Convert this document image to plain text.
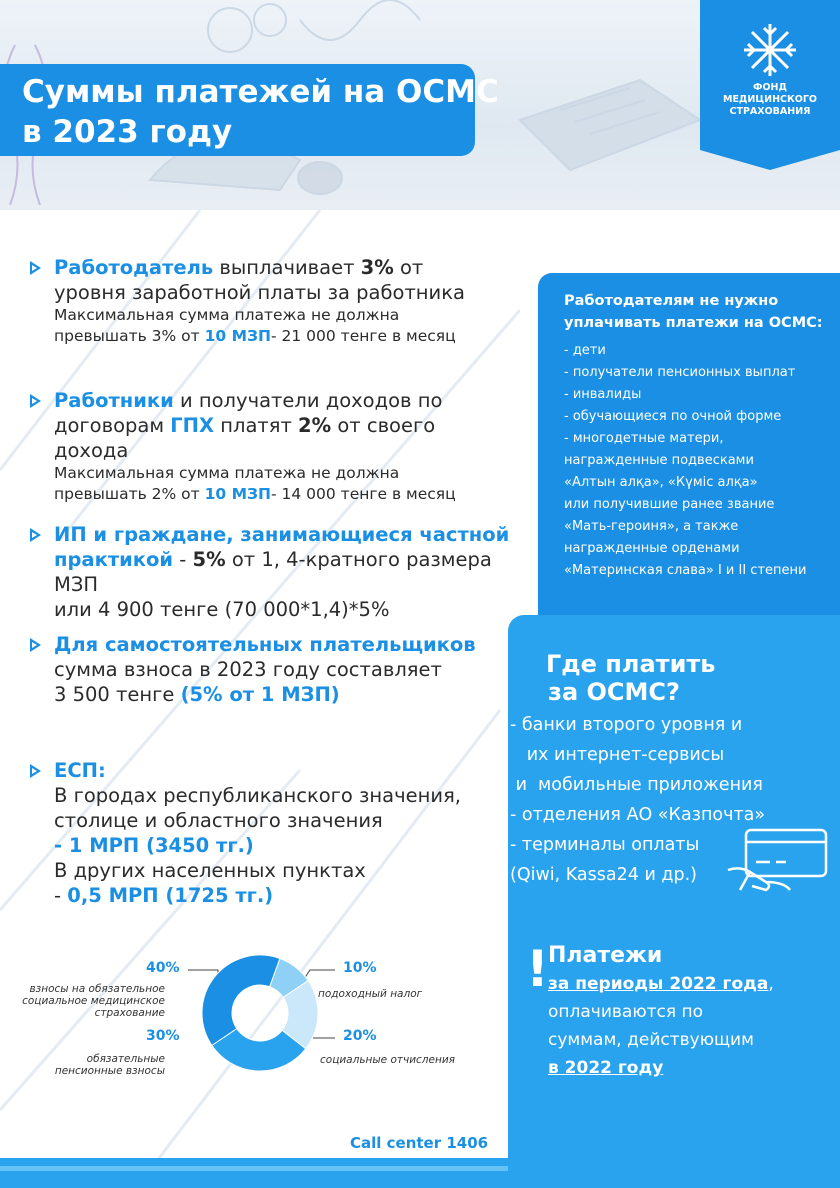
ФОНД
МЕДИЦИНСКОГО
СТРАХОВАНИЯ
Суммы платежей на ОСМС
в 2023 году
Работодатель выплачивает 3% от
уровня заработной платы за работника
Максимальная сумма платежа не должна
превышать 3% от 10 МЗП- 21 000 тенге в месяц
Работники и получатели доходов по
договорам ГПХ платят 2% от своего дохода
Максимальная сумма платежа не должна
превышать 2% от 10 МЗП- 14 000 тенге в месяц
ИП и граждане, занимающиеся частной
практикой - 5% от 1, 4-кратного размера МЗП
или 4 900 тенге (70 000*1,4)*5%
Для самостоятельных плательщиков
сумма взноса в 2023 году составляет
3 500 тенге (5% от 1 МЗП)
ЕСП:
В городах республиканского значения,
столице и областного значения
- 1 МРП (3450 тг.)
В других населенных пунктах
- 0,5 МРП (1725 тг.)
40%
взносы на обязательное
социальное медицинское
страхование
30%
обязательные
пенсионные взносы
10%
подоходный налог
20%
социальные отчисления
Работодателям не нужно
уплачивать платежи на ОСМС:
- дети
- получатели пенсионных выплат
- инвалиды
- обучающиеся по очной форме
- многодетные матери,
награжденные подвесками
«Алтын алқа», «Күміс алқа»
или получившие ранее звание
«Мать-героиня», а также
награжденные орденами
«Материнская слава» I и II степени
Где платить
за ОСМС?
- банки второго уровня и
их интернет-сервисы
и  мобильные приложения
- отделения АО «Казпочта»
- терминалы оплаты
(Qiwi, Kassa24 и др.)
! Платежи
за периоды 2022 года,
оплачиваются по
суммам, действующим
в 2022 году
Call center 1406
